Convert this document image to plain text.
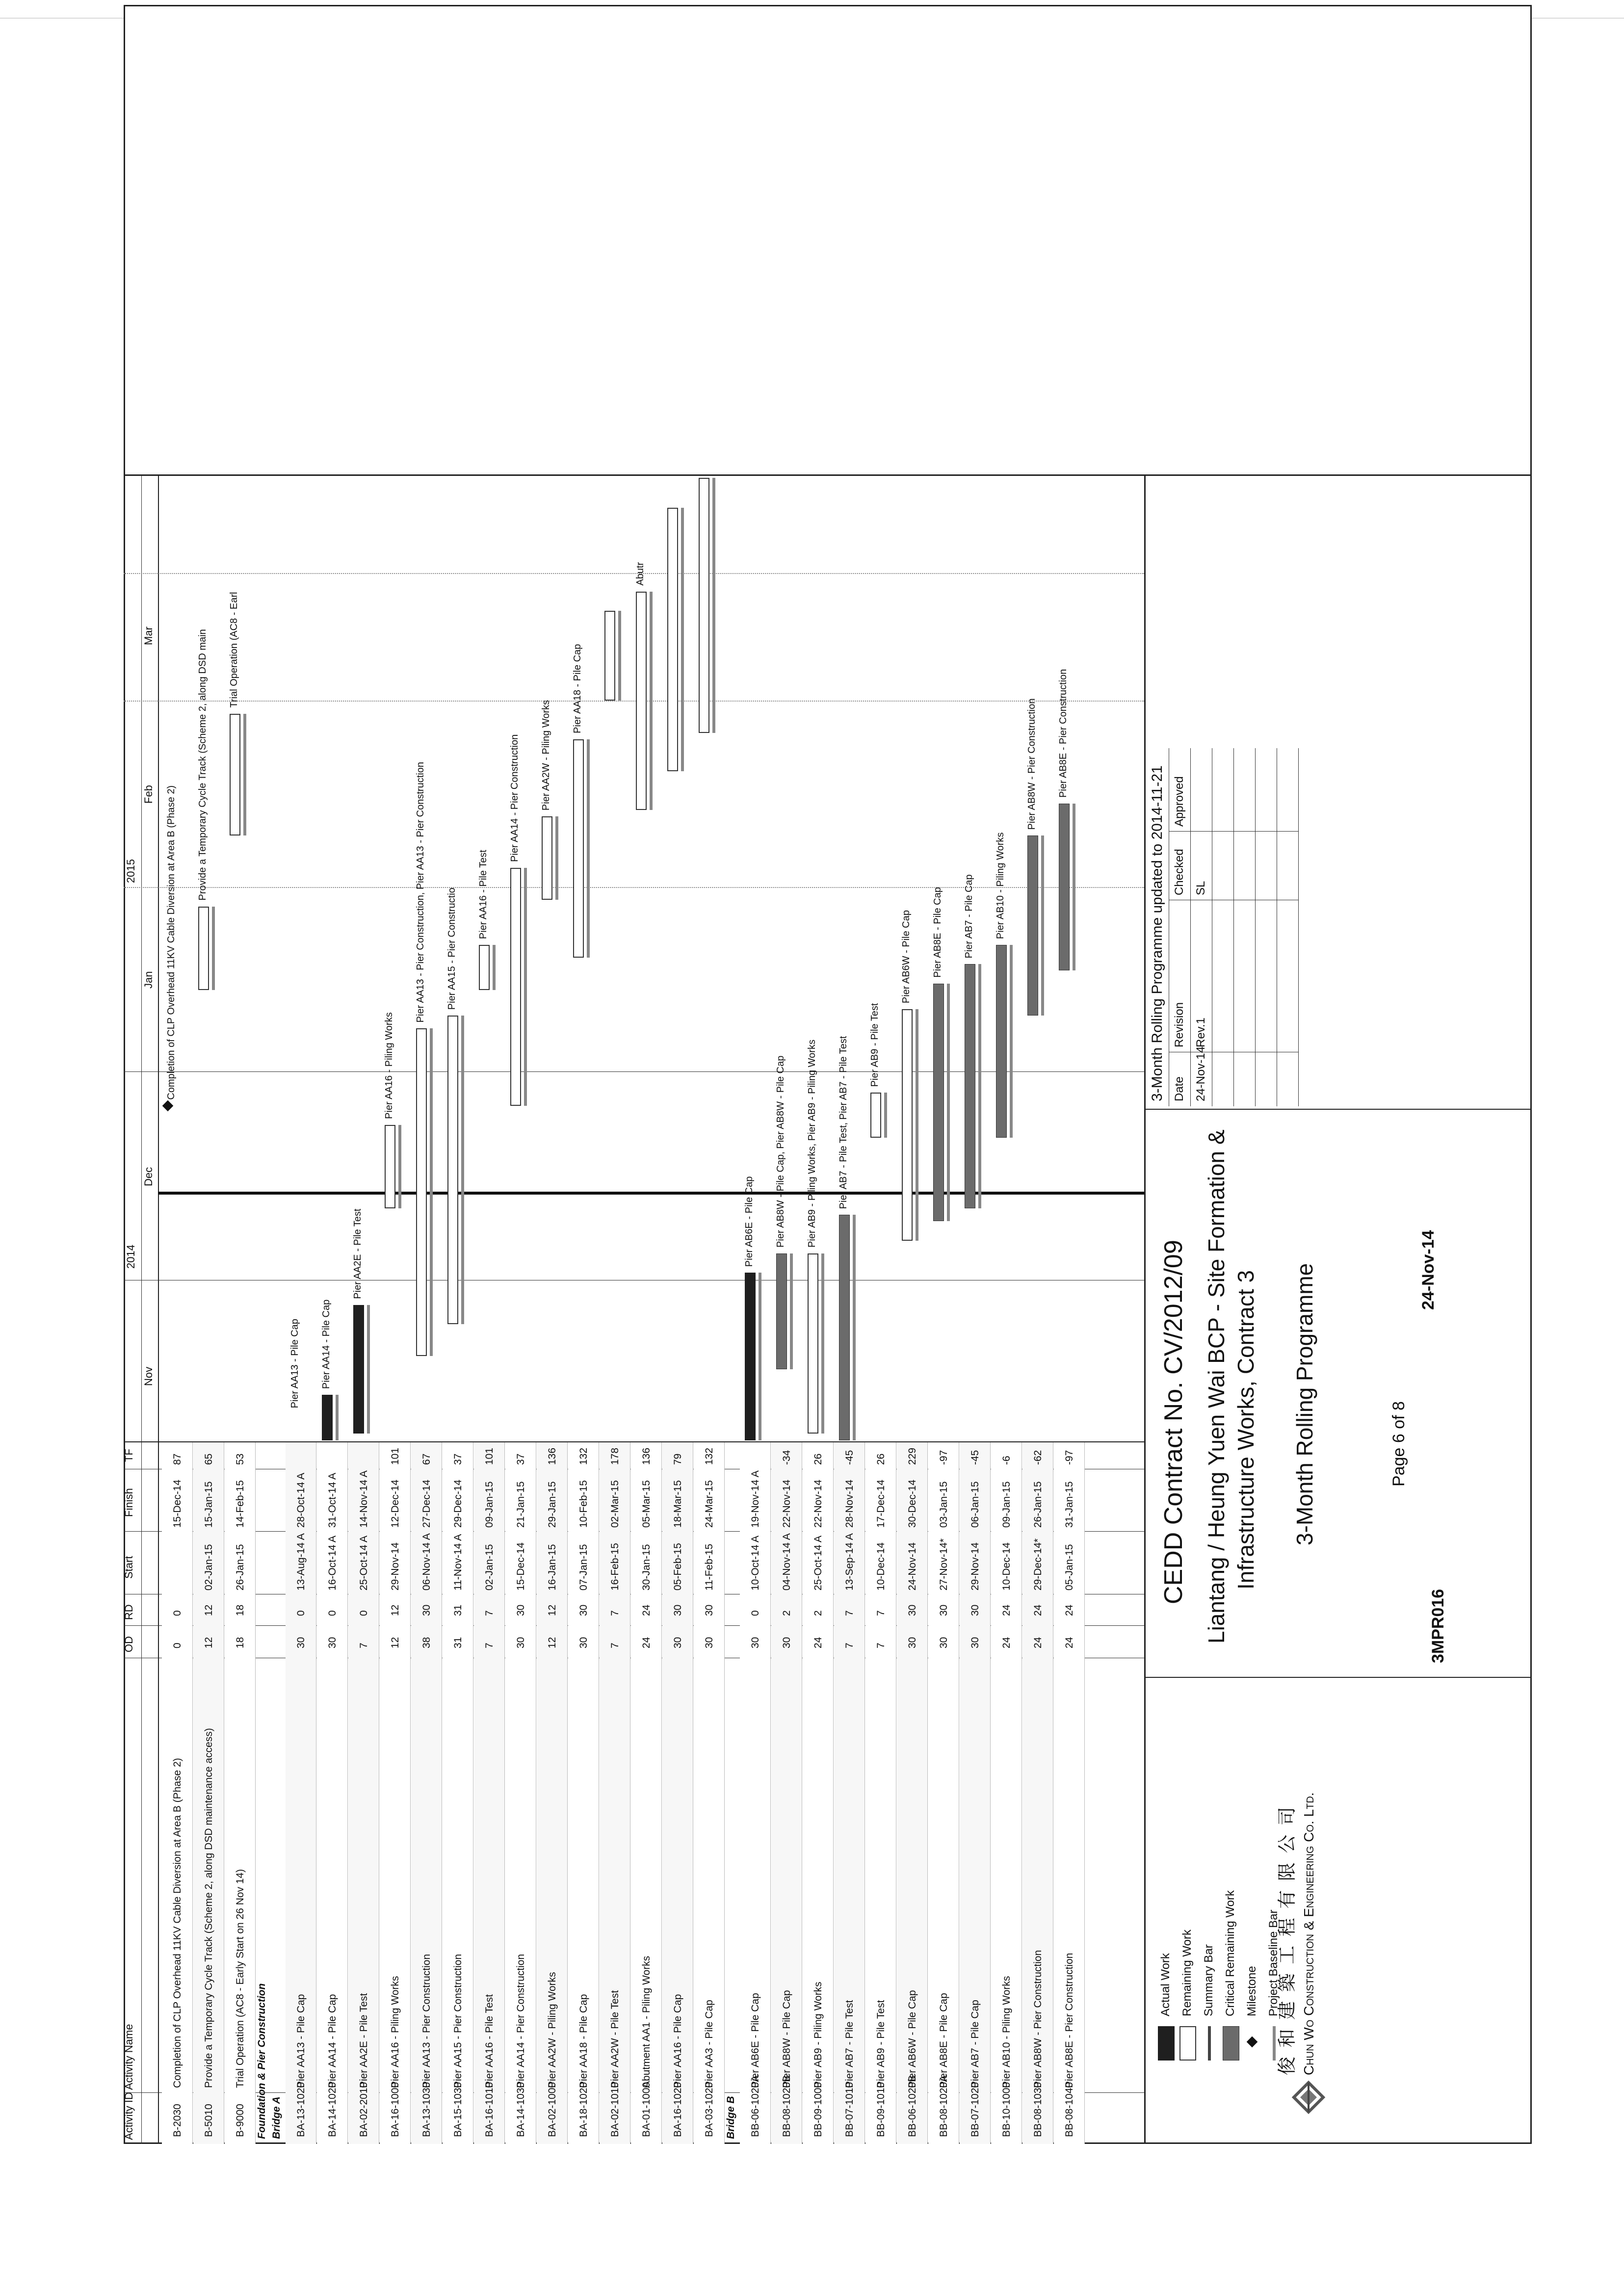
Activity ID
Activity Name
OD
RD
Start
Finish
TF
2014
2015
Nov
Dec
Jan
Feb
Mar
B-2030
Completion of CLP Overhead 11KV Cable Diversion at Area B (Phase 2)
0
0
15-Dec-14
87
B-5010
Provide a Temporary Cycle Track (Scheme 2, along DSD maintenance access)
12
12
02-Jan-15
15-Jan-15
65
B-9000
Trial Operation (AC8 - Early Start on 26 Nov 14)
18
18
26-Jan-15
14-Feb-15
53
Foundation & Pier Construction Bridge A BA-13-1020
Pier AA13 - Pile Cap
30
0
13-Aug-14 A
28-Oct-14 A
BA-14-1020
Pier AA14 - Pile Cap
30
0
16-Oct-14 A
31-Oct-14 A
BA-02-2010
Pier AA2E - Pile Test
7
0
25-Oct-14 A
14-Nov-14 A
BA-16-1000
Pier AA16 - Piling Works
12
12
29-Nov-14
12-Dec-14
101
BA-13-1030
Pier AA13 - Pier Construction
38
30
06-Nov-14 A
27-Dec-14
67
BA-15-1030
Pier AA15 - Pier Construction
31
31
11-Nov-14 A
29-Dec-14
37
BA-16-1010
Pier AA16 - Pile Test
7
7
02-Jan-15
09-Jan-15
101
BA-14-1030
Pier AA14 - Pier Construction
30
30
15-Dec-14
21-Jan-15
37
BA-02-1000
Pier AA2W - Piling Works
12
12
16-Jan-15
29-Jan-15
136
BA-18-1020
Pier AA18 - Pile Cap
30
30
07-Jan-15
10-Feb-15
132
BA-02-1010
Pier AA2W - Pile Test
7
7
16-Feb-15
02-Mar-15
178
BA-01-1000
Abutment AA1 - Piling Works
24
24
30-Jan-15
05-Mar-15
136
BA-16-1020
Pier AA16 - Pile Cap
30
30
05-Feb-15
18-Mar-15
79
BA-03-1020
Pier AA3 - Pile Cap
30
30
11-Feb-15
24-Mar-15
132
Bridge B BB-06-1020A
Pier AB6E - Pile Cap
30
0
10-Oct-14 A
19-Nov-14 A
BB-08-1020B
Pier AB8W - Pile Cap
30
2
04-Nov-14 A
22-Nov-14
-34
BB-09-1000
Pier AB9 - Piling Works
24
2
25-Oct-14 A
22-Nov-14
26
BB-07-1010
Pier AB7 - Pile Test
7
7
13-Sep-14 A
28-Nov-14
-45
BB-09-1010
Pier AB9 - Pile Test
7
7
10-Dec-14
17-Dec-14
26
BB-06-1020B
Pier AB6W - Pile Cap
30
30
24-Nov-14
30-Dec-14
229
BB-08-1020A
Pier AB8E - Pile Cap
30
30
27-Nov-14*
03-Jan-15
-97
BB-07-1020
Pier AB7 - Pile Cap
30
30
29-Nov-14
06-Jan-15
-45
BB-10-1000
Pier AB10 - Piling Works
24
24
10-Dec-14
09-Jan-15
-6
BB-08-1030
Pier AB8W - Pier Construction
24
24
29-Dec-14*
26-Jan-15
-62
BB-08-1040
Pier AB8E - Pier Construction
24
24
05-Jan-15
31-Jan-15
-97
Completion of CLP Overhead 11KV Cable Diversion at Area B (Phase 2)
Provide a Temporary Cycle Track (Scheme 2, along DSD main Trial Operation (AC8 - Earl
Pier AA13 - Pile Cap Pier AA14 - Pile Cap
Pier AA2E - Pile Test
Pier AA16 - Piling Works
Pier AA13 - Pier Construction, Pier AA13 - Pier Construction Pier AA15 - Pier Constructio Pier AA16 - Pile Test
Pier AA14 - Pier Construction Pier AA2W - Piling Works
Pier AA18 - Pile Cap
Abutr
Pier AB6E - Pile Cap Pier AB8W - Pile Cap, Pier AB8W - Pile Cap Pier AB9 - Piling Works, Pier AB9 - Piling Works Pier AB7 - Pile Test, Pier AB7 - Pile Test Pier AB9 - Pile Test
Pier AB6W - Pile Cap Pier AB8E - Pile Cap Pier AB7 - Pile Cap Pier AB10 - Piling Works
Pier AB8W - Pier Construction Pier AB8E - Pier Construction
Actual Work Remaining Work Summary Bar Critical Remaining Work Milestone Project Baseline Bar
俊 和 建 築 工 程 有 限 公 司 Chun Wo Construction & Engineering Co. Ltd.
CEDD Contract No. CV/2012/09 Liantang / Heung Yuen Wai BCP - Site Formation & Infrastructure Works, Contract 3 3-Month Rolling Programme
3MPR016
Page 6 of 8
24-Nov-14
3-Month Rolling Programme updated to 2014-11-21 Date
Revision
Checked
Approved
24-Nov-14
Rev.1
SL
